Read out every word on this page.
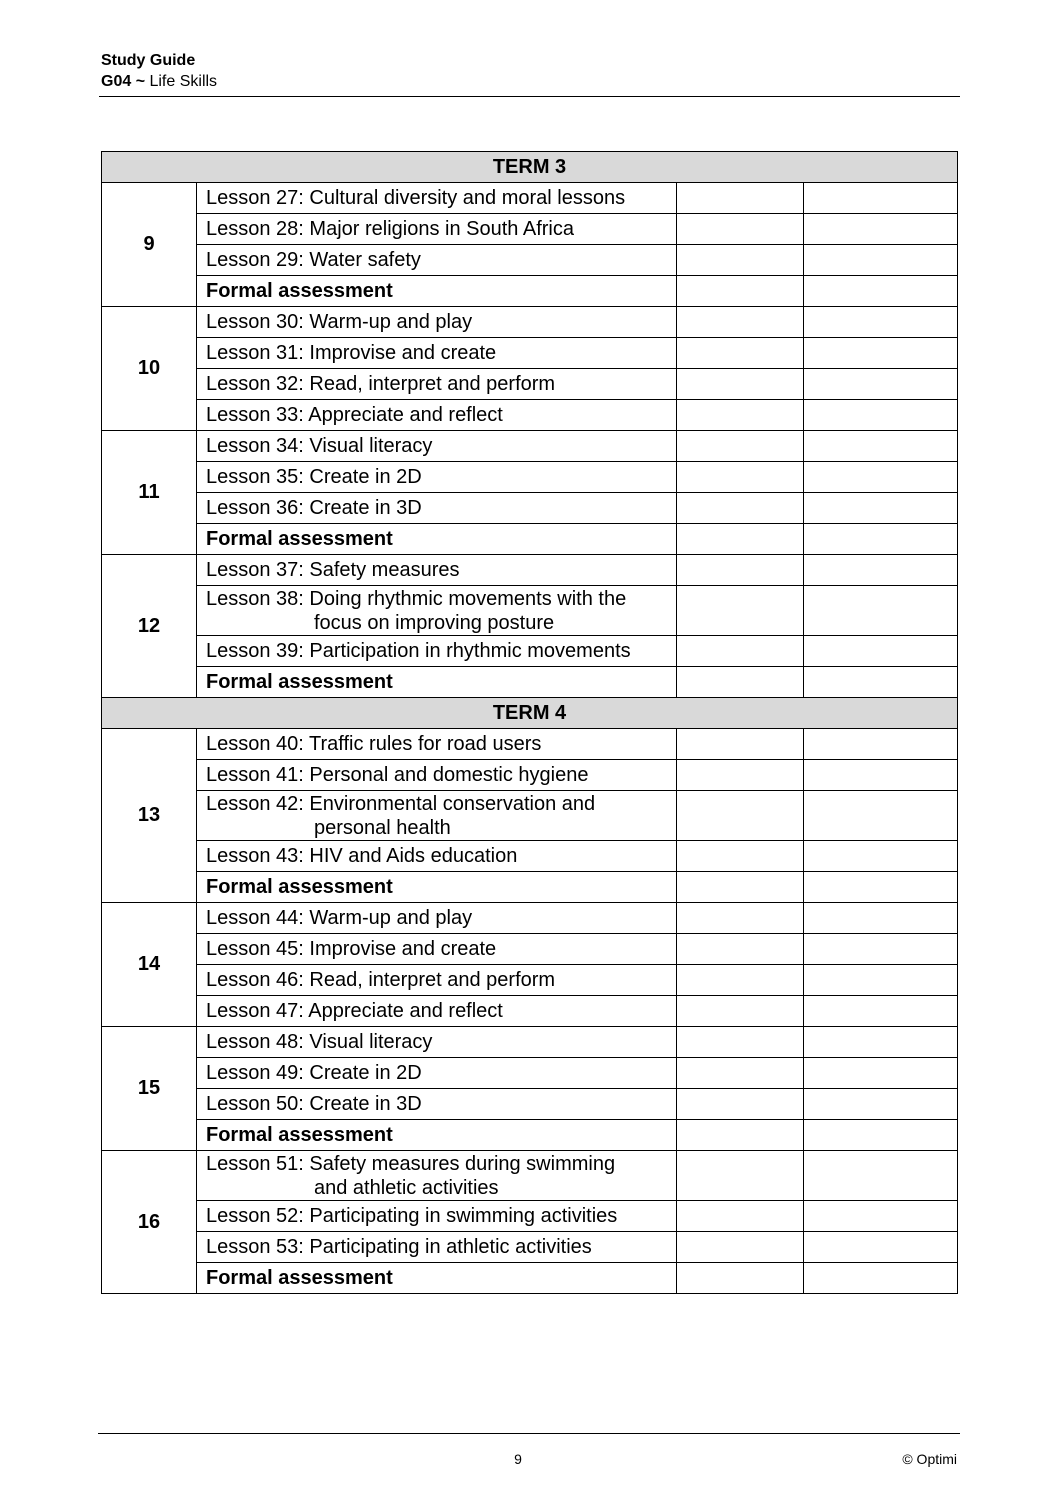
Study Guide
G04 ~ Life Skills
TERM 3			
9	Lesson 27: Cultural diversity and moral lessons		

	Lesson 28: Major religions in South Africa		

	Lesson 29: Water safety		

	Formal assessment		

10	Lesson 30: Warm-up and play		

	Lesson 31: Improvise and create		

	Lesson 32: Read, interpret and perform		

	Lesson 33: Appreciate and reflect		

11	Lesson 34: Visual literacy		

	Lesson 35: Create in 2D		

	Lesson 36: Create in 3D		

	Formal assessment		

12	Lesson 37: Safety measures		

	Lesson 38: Doing rhythmic movements with the
focus on improving posture		

	Lesson 39: Participation in rhythmic movements		

	Formal assessment		

TERM 4			
13	Lesson 40: Traffic rules for road users		

	Lesson 41: Personal and domestic hygiene		

	Lesson 42: Environmental conservation and
personal health		

	Lesson 43: HIV and Aids education		

	Formal assessment		

14	Lesson 44: Warm-up and play		

	Lesson 45: Improvise and create		

	Lesson 46: Read, interpret and perform		

	Lesson 47: Appreciate and reflect		

15	Lesson 48: Visual literacy		

	Lesson 49: Create in 2D		

	Lesson 50: Create in 3D		

	Formal assessment		

16	Lesson 51: Safety measures during swimming
and athletic activities		

	Lesson 52: Participating in swimming activities		

	Lesson 53: Participating in athletic activities		

	Formal assessment		

9	© Optimi
